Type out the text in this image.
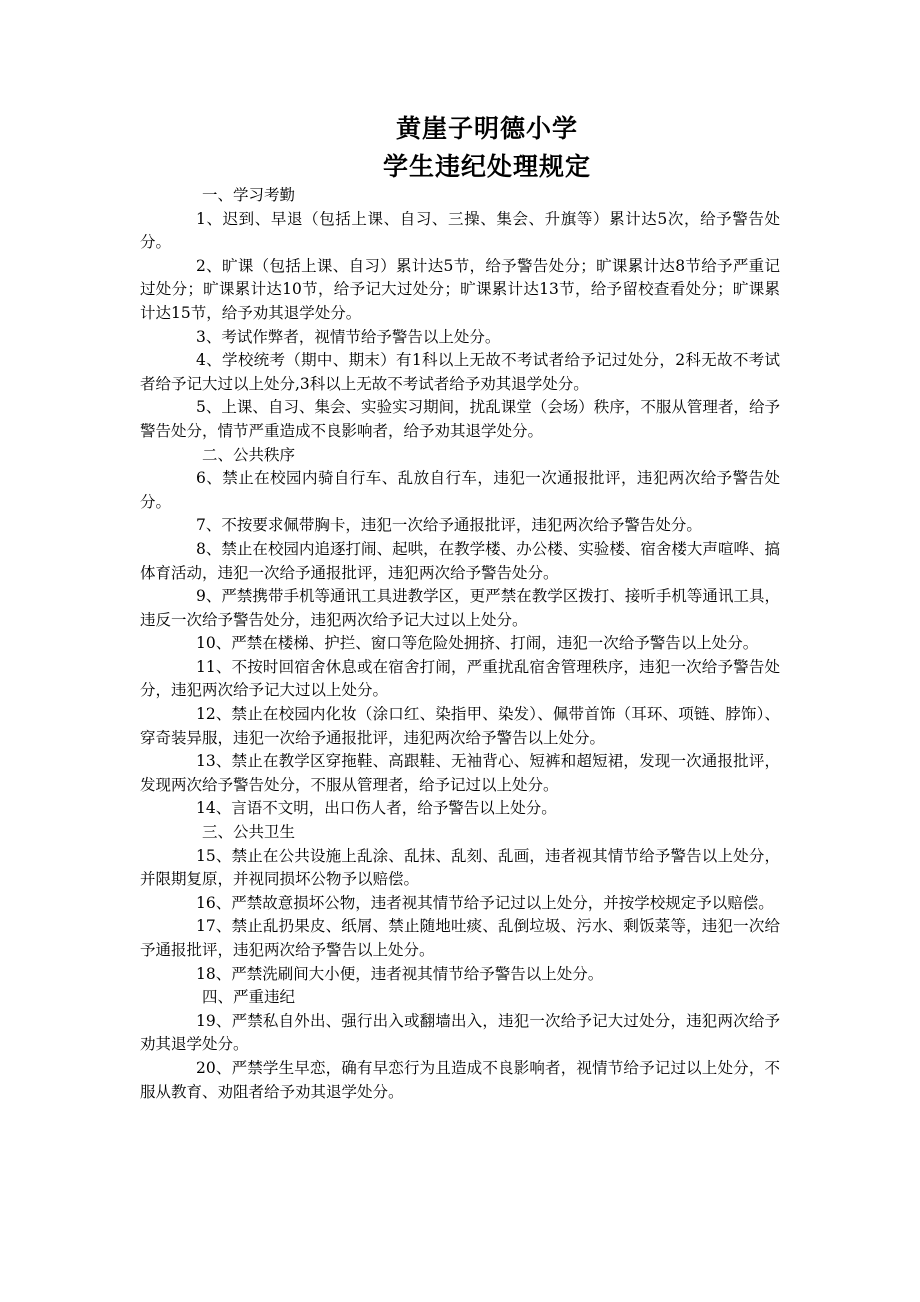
黄崖子明德小学
学生违纪处理规定

一、学习考勤

1、迟到、早退（包括上课、自习、三操、集会、升旗等）累计达5次，给予警告处分。

2、旷课（包括上课、自习）累计达5节，给予警告处分；旷课累计达8节给予严重记过处分；旷课累计达10节，给予记大过处分；旷课累计达13节，给予留校查看处分；旷课累计达15节，给予劝其退学处分。

3、考试作弊者，视情节给予警告以上处分。

4、学校统考（期中、期末）有1科以上无故不考试者给予记过处分，2科无故不考试者给予记大过以上处分,3科以上无故不考试者给予劝其退学处分。

5、上课、自习、集会、实验实习期间，扰乱课堂（会场）秩序，不服从管理者，给予警告处分，情节严重造成不良影响者，给予劝其退学处分。

二、公共秩序

6、禁止在校园内骑自行车、乱放自行车，违犯一次通报批评，违犯两次给予警告处分。

7、不按要求佩带胸卡，违犯一次给予通报批评，违犯两次给予警告处分。

8、禁止在校园内追逐打闹、起哄，在教学楼、办公楼、实验楼、宿舍楼大声喧哗、搞体育活动，违犯一次给予通报批评，违犯两次给予警告处分。

9、严禁携带手机等通讯工具进教学区，更严禁在教学区拨打、接听手机等通讯工具，违反一次给予警告处分，违犯两次给予记大过以上处分。

10、严禁在楼梯、护拦、窗口等危险处拥挤、打闹，违犯一次给予警告以上处分。

11、不按时回宿舍休息或在宿舍打闹，严重扰乱宿舍管理秩序，违犯一次给予警告处分，违犯两次给予记大过以上处分。

12、禁止在校园内化妆（涂口红、染指甲、染发）、佩带首饰（耳环、项链、脖饰）、穿奇装异服，违犯一次给予通报批评，违犯两次给予警告以上处分。

13、禁止在教学区穿拖鞋、高跟鞋、无袖背心、短裤和超短裙，发现一次通报批评，发现两次给予警告处分，不服从管理者，给予记过以上处分。

14、言语不文明，出口伤人者，给予警告以上处分。

三、公共卫生

15、禁止在公共设施上乱涂、乱抹、乱刻、乱画，违者视其情节给予警告以上处分，并限期复原，并视同损坏公物予以赔偿。

16、严禁故意损坏公物，违者视其情节给予记过以上处分，并按学校规定予以赔偿。

17、禁止乱扔果皮、纸屑、禁止随地吐痰、乱倒垃圾、污水、剩饭菜等，违犯一次给予通报批评，违犯两次给予警告以上处分。

18、严禁洗刷间大小便，违者视其情节给予警告以上处分。

四、严重违纪

19、严禁私自外出、强行出入或翻墙出入，违犯一次给予记大过处分，违犯两次给予劝其退学处分。

20、严禁学生早恋，确有早恋行为且造成不良影响者，视情节给予记过以上处分，不服从教育、劝阻者给予劝其退学处分。
